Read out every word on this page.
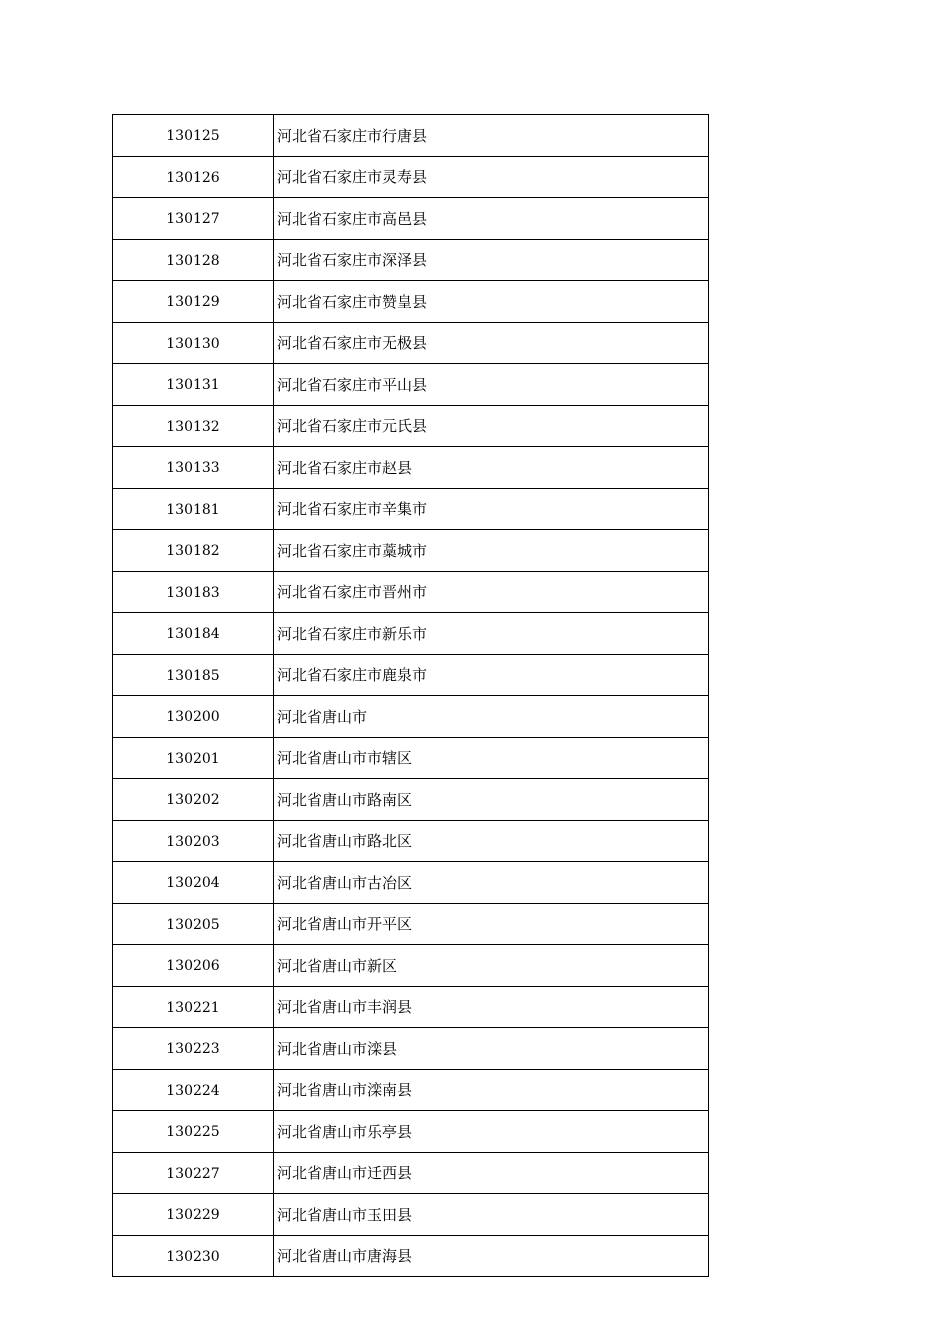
130125	河北省石家庄市行唐县
130126	河北省石家庄市灵寿县
130127	河北省石家庄市高邑县
130128	河北省石家庄市深泽县
130129	河北省石家庄市赞皇县
130130	河北省石家庄市无极县
130131	河北省石家庄市平山县
130132	河北省石家庄市元氏县
130133	河北省石家庄市赵县
130181	河北省石家庄市辛集市
130182	河北省石家庄市藁城市
130183	河北省石家庄市晋州市
130184	河北省石家庄市新乐市
130185	河北省石家庄市鹿泉市
130200	河北省唐山市
130201	河北省唐山市市辖区
130202	河北省唐山市路南区
130203	河北省唐山市路北区
130204	河北省唐山市古冶区
130205	河北省唐山市开平区
130206	河北省唐山市新区
130221	河北省唐山市丰润县
130223	河北省唐山市滦县
130224	河北省唐山市滦南县
130225	河北省唐山市乐亭县
130227	河北省唐山市迁西县
130229	河北省唐山市玉田县
130230	河北省唐山市唐海县
